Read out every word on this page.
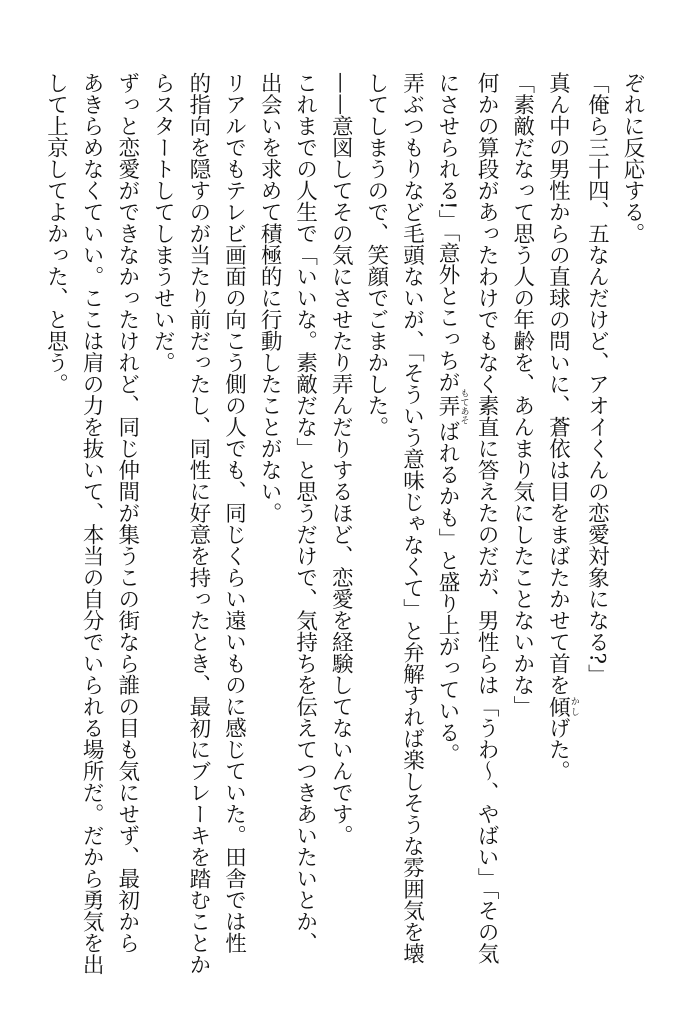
ぞれに反応する。
「俺ら三十四、五なんだけど、アオイくんの恋愛対象になる?」
真ん中の男性からの直球の問いに、蒼依は目をまばたかせて首を傾かしげた。
「素敵だなって思う人の年齢を、あんまり気にしたことないかな」
何かの算段があったわけでもなく素直に答えたのだが、男性らは「うわ〜、やばい」「その気
にさせられる!」「意外とこっちが弄もてあそばれるかも」と盛り上がっている。
弄ぶつもりなど毛頭ないが、「そういう意味じゃなくて」と弁解すれば楽しそうな雰囲気を壊
してしまうので、笑顔でごまかした。
——意図してその気にさせたり弄んだりするほど、恋愛を経験してないんです。
これまでの人生で「いいな。素敵だな」と思うだけで、気持ちを伝えてつきあいたいとか、
出会いを求めて積極的に行動したことがない。
リアルでもテレビ画面の向こう側の人でも、同じくらい遠いものに感じていた。田舎では性
的指向を隠すのが当たり前だったし、同性に好意を持ったとき、最初にブレーキを踏むことか
らスタートしてしまうせいだ。
ずっと恋愛ができなかったけれど、同じ仲間が集うこの街なら誰の目も気にせず、最初から
あきらめなくていい。ここは肩の力を抜いて、本当の自分でいられる場所だ。だから勇気を出
して上京してよかった、と思う。
